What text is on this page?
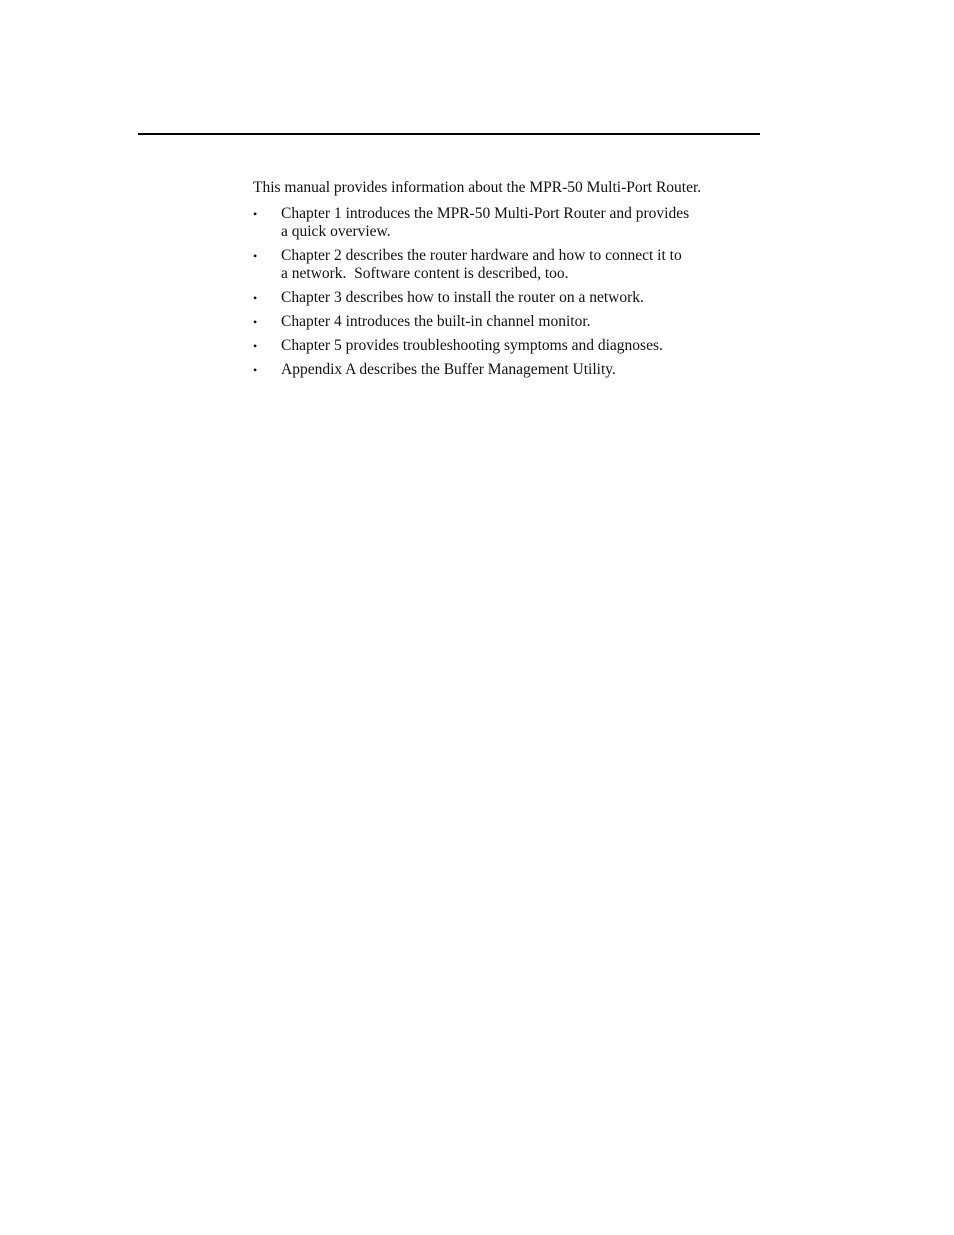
This manual provides information about the MPR-50 Multi-Port Router.

•	Chapter 1 introduces the MPR-50 Multi-Port Router and provides
a quick overview.
•	Chapter 2 describes the router hardware and how to connect it to
a network.  Software content is described, too.
•	Chapter 3 describes how to install the router on a network.
•	Chapter 4 introduces the built-in channel monitor.
•	Chapter 5 provides troubleshooting symptoms and diagnoses.
•	Appendix A describes the Buffer Management Utility.
